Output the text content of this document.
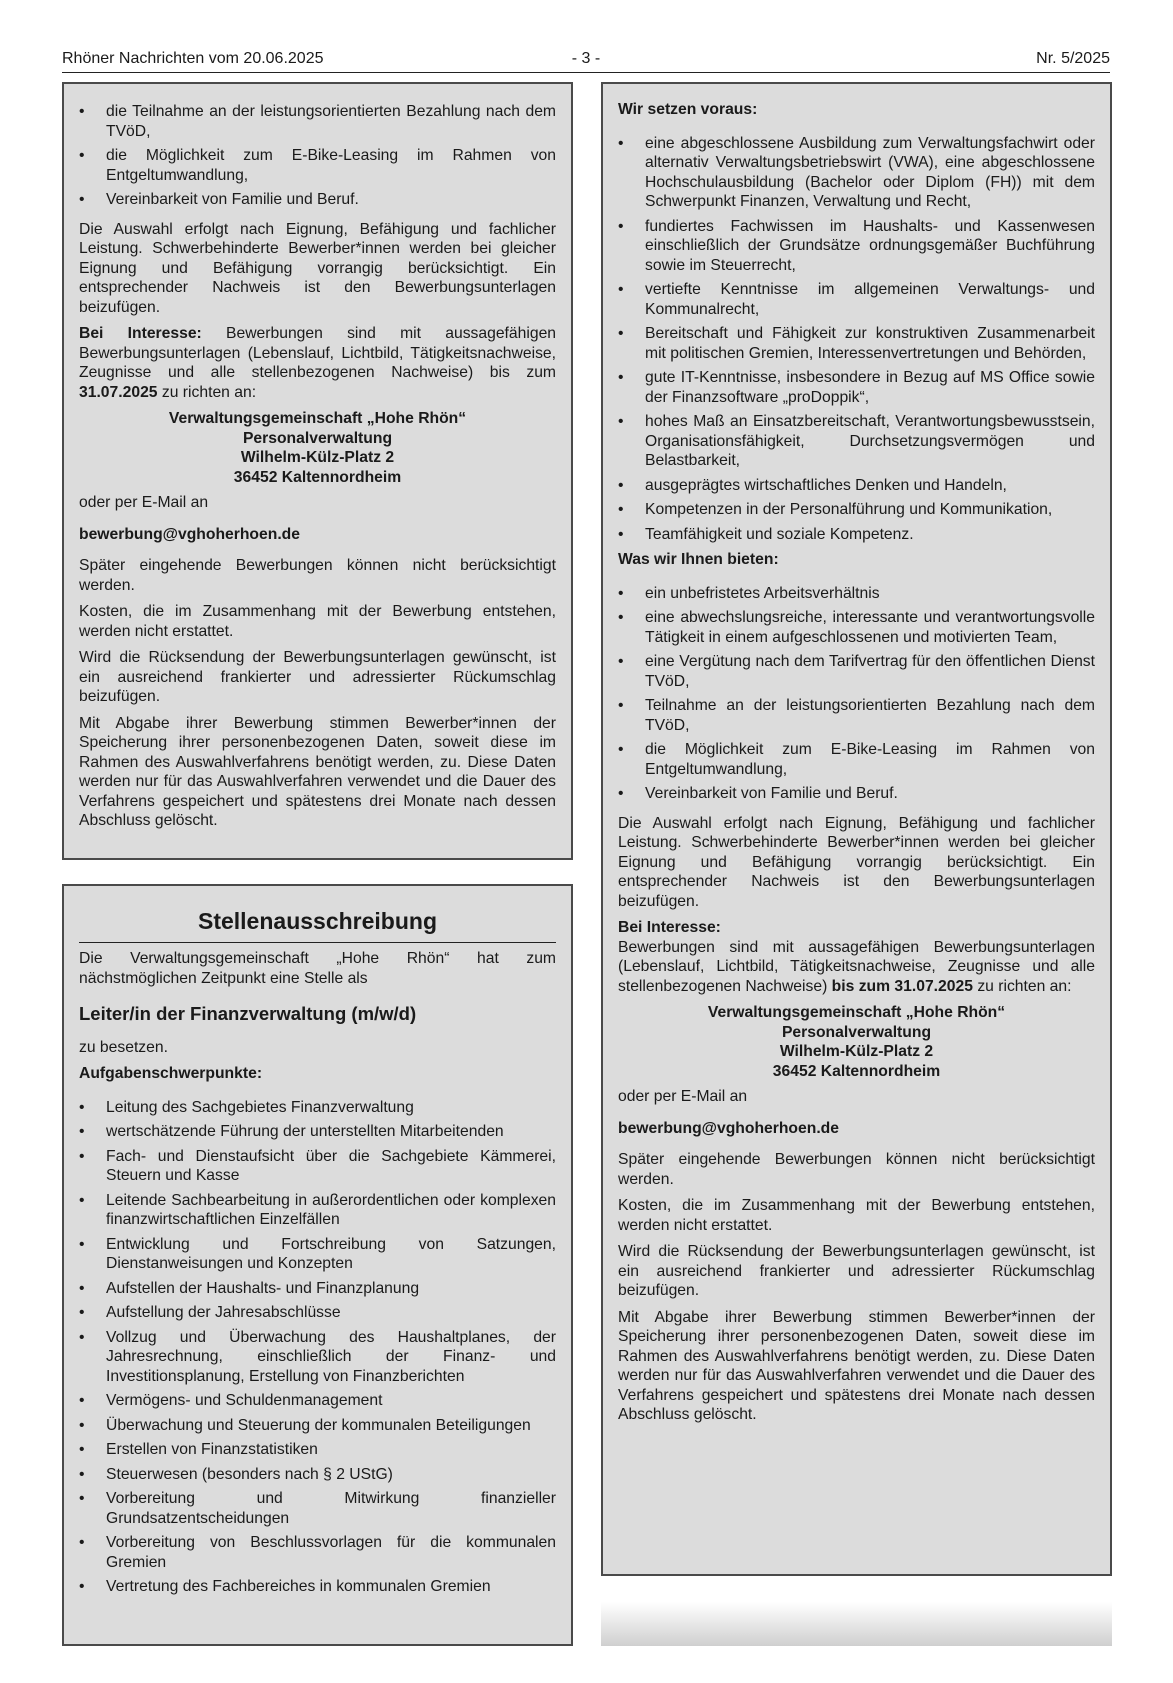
Rhöner Nachrichten vom 20.06.2025	- 3 -	Nr. 5/2025
• die Teilnahme an der leistungsorientierten Bezahlung nach dem TVöD,
• die Möglichkeit zum E-Bike-Leasing im Rahmen von Entgeltumwandlung,
• Vereinbarkeit von Familie und Beruf.

Die Auswahl erfolgt nach Eignung, Befähigung und fachlicher Leistung. Schwerbehinderte Bewerber*innen werden bei gleicher Eignung und Befähigung vorrangig berücksichtigt. Ein entsprechender Nachweis ist den Bewerbungsunterlagen beizufügen.

Bei Interesse: Bewerbungen sind mit aussagefähigen Bewerbungsunterlagen (Lebenslauf, Lichtbild, Tätigkeitsnachweise, Zeugnisse und alle stellenbezogenen Nachweise) bis zum 31.07.2025 zu richten an:

Verwaltungsgemeinschaft „Hohe Rhön“
Personalverwaltung
Wilhelm-Külz-Platz 2
36452 Kaltennordheim

oder per E-Mail an

bewerbung@vghoherhoen.de

Später eingehende Bewerbungen können nicht berücksichtigt werden.

Kosten, die im Zusammenhang mit der Bewerbung entstehen, werden nicht erstattet.

Wird die Rücksendung der Bewerbungsunterlagen gewünscht, ist ein ausreichend frankierter und adressierter Rückumschlag beizufügen.

Mit Abgabe ihrer Bewerbung stimmen Bewerber*innen der Speicherung ihrer personenbezogenen Daten, soweit diese im Rahmen des Auswahlverfahrens benötigt werden, zu. Diese Daten werden nur für das Auswahlverfahren verwendet und die Dauer des Verfahrens gespeichert und spätestens drei Monate nach dessen Abschluss gelöscht.

Stellenausschreibung

Die Verwaltungsgemeinschaft „Hohe Rhön“ hat zum nächstmöglichen Zeitpunkt eine Stelle als

Leiter/in der Finanzverwaltung (m/w/d)

zu besetzen.

Aufgabenschwerpunkte:

• Leitung des Sachgebietes Finanzverwaltung
• wertschätzende Führung der unterstellten Mitarbeitenden
• Fach- und Dienstaufsicht über die Sachgebiete Kämmerei, Steuern und Kasse
• Leitende Sachbearbeitung in außerordentlichen oder komplexen finanzwirtschaftlichen Einzelfällen
• Entwicklung und Fortschreibung von Satzungen, Dienstanweisungen und Konzepten
• Aufstellen der Haushalts- und Finanzplanung
• Aufstellung der Jahresabschlüsse
• Vollzug und Überwachung des Haushaltplanes, der Jahresrechnung, einschließlich der Finanz- und Investitionsplanung, Erstellung von Finanzberichten
• Vermögens- und Schuldenmanagement
• Überwachung und Steuerung der kommunalen Beteiligungen
• Erstellen von Finanzstatistiken
• Steuerwesen (besonders nach § 2 UStG)
• Vorbereitung und Mitwirkung finanzieller Grundsatzentscheidungen
• Vorbereitung von Beschlussvorlagen für die kommunalen Gremien
• Vertretung des Fachbereiches in kommunalen Gremien

Wir setzen voraus:

• eine abgeschlossene Ausbildung zum Verwaltungsfachwirt oder alternativ Verwaltungsbetriebswirt (VWA), eine abgeschlossene Hochschulausbildung (Bachelor oder Diplom (FH)) mit dem Schwerpunkt Finanzen, Verwaltung und Recht,
• fundiertes Fachwissen im Haushalts- und Kassenwesen einschließlich der Grundsätze ordnungsgemäßer Buchführung sowie im Steuerrecht,
• vertiefte Kenntnisse im allgemeinen Verwaltungs- und Kommunalrecht,
• Bereitschaft und Fähigkeit zur konstruktiven Zusammenarbeit mit politischen Gremien, Interessenvertretungen und Behörden,
• gute IT-Kenntnisse, insbesondere in Bezug auf MS Office sowie der Finanzsoftware „proDoppik“,
• hohes Maß an Einsatzbereitschaft, Verantwortungsbewusstsein, Organisationsfähigkeit, Durchsetzungsvermögen und Belastbarkeit,
• ausgeprägtes wirtschaftliches Denken und Handeln,
• Kompetenzen in der Personalführung und Kommunikation,
• Teamfähigkeit und soziale Kompetenz.

Was wir Ihnen bieten:

• ein unbefristetes Arbeitsverhältnis
• eine abwechslungsreiche, interessante und verantwortungsvolle Tätigkeit in einem aufgeschlossenen und motivierten Team,
• eine Vergütung nach dem Tarifvertrag für den öffentlichen Dienst TVöD,
• Teilnahme an der leistungsorientierten Bezahlung nach dem TVöD,
• die Möglichkeit zum E-Bike-Leasing im Rahmen von Entgeltumwandlung,
• Vereinbarkeit von Familie und Beruf.

Die Auswahl erfolgt nach Eignung, Befähigung und fachlicher Leistung. Schwerbehinderte Bewerber*innen werden bei gleicher Eignung und Befähigung vorrangig berücksichtigt. Ein entsprechender Nachweis ist den Bewerbungsunterlagen beizufügen.

Bei Interesse:
Bewerbungen sind mit aussagefähigen Bewerbungsunterlagen (Lebenslauf, Lichtbild, Tätigkeitsnachweise, Zeugnisse und alle stellenbezogenen Nachweise) bis zum 31.07.2025 zu richten an:

Verwaltungsgemeinschaft „Hohe Rhön“
Personalverwaltung
Wilhelm-Külz-Platz 2
36452 Kaltennordheim

oder per E-Mail an

bewerbung@vghoherhoen.de

Später eingehende Bewerbungen können nicht berücksichtigt werden.

Kosten, die im Zusammenhang mit der Bewerbung entstehen, werden nicht erstattet.

Wird die Rücksendung der Bewerbungsunterlagen gewünscht, ist ein ausreichend frankierter und adressierter Rückumschlag beizufügen.

Mit Abgabe ihrer Bewerbung stimmen Bewerber*innen der Speicherung ihrer personenbezogenen Daten, soweit diese im Rahmen des Auswahlverfahrens benötigt werden, zu. Diese Daten werden nur für das Auswahlverfahren verwendet und die Dauer des Verfahrens gespeichert und spätestens drei Monate nach dessen Abschluss gelöscht.
